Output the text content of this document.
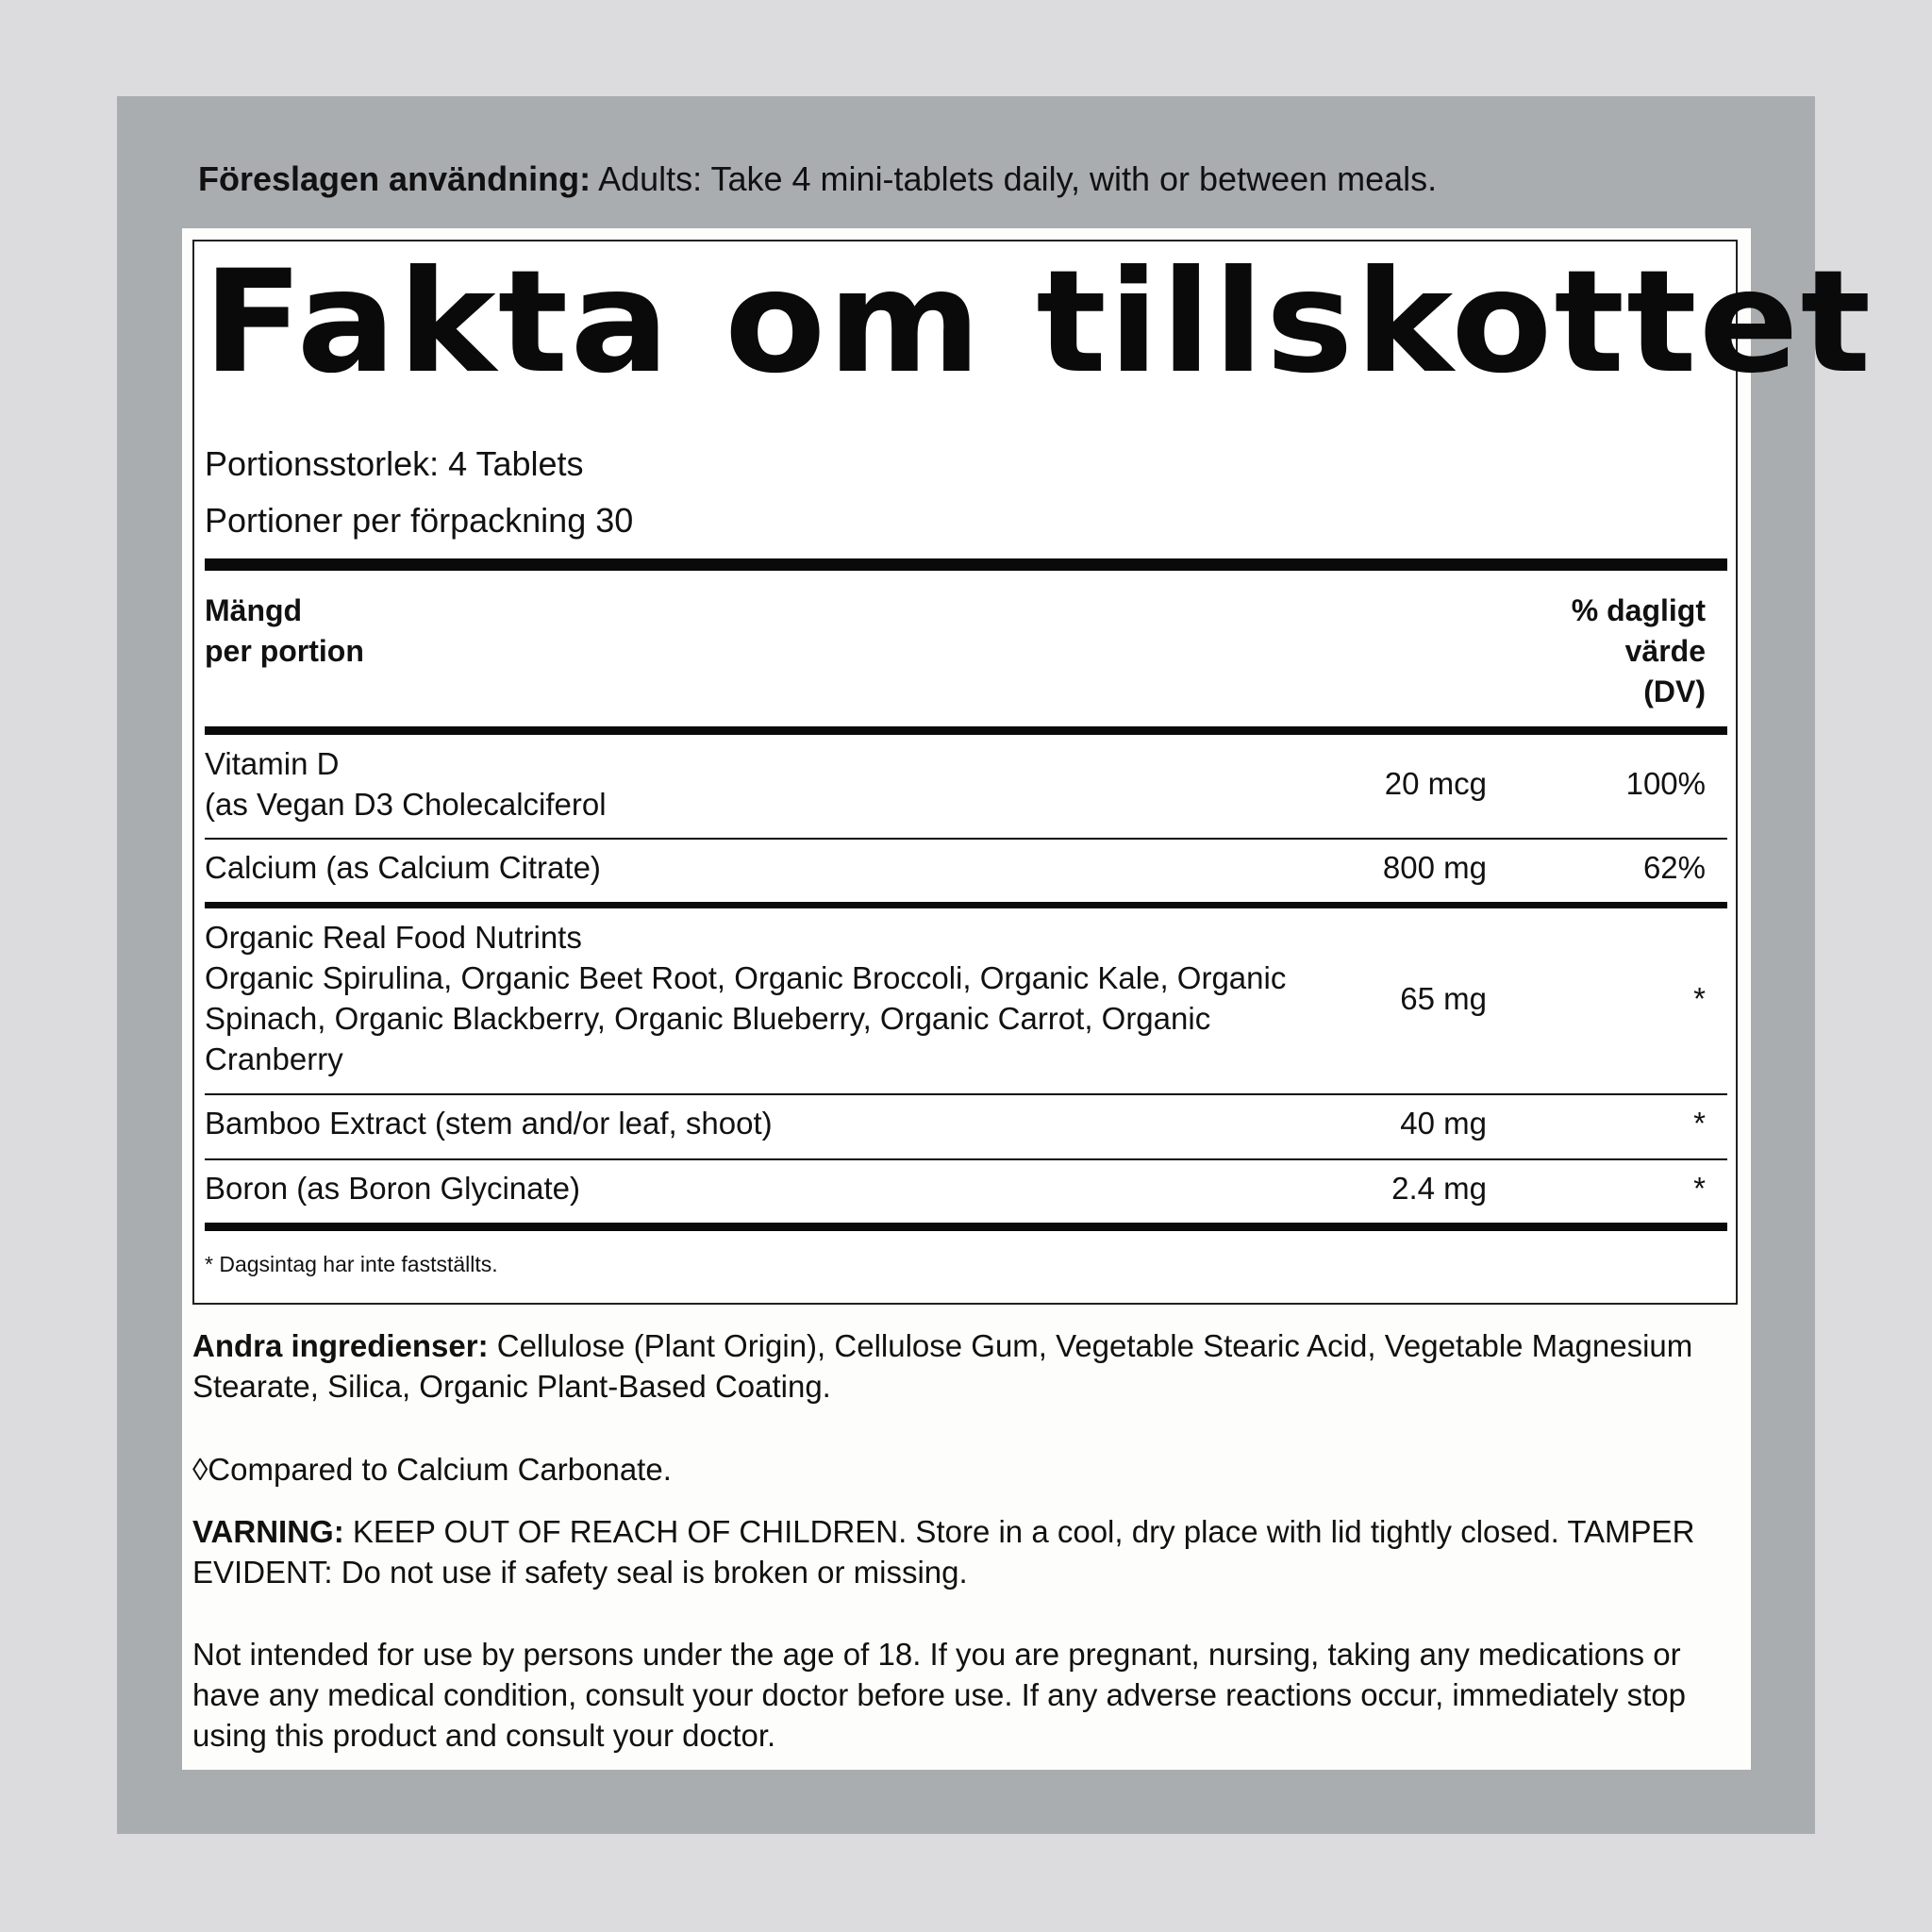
Föreslagen användning: Adults: Take 4 mini-tablets daily, with or between meals.
Fakta om tillskottet
Portionsstorlek: 4 Tablets
Portioner per förpackning 30
Mängd
per portion
% dagligt
värde
(DV)
Vitamin D
(as Vegan D3 Cholecalciferol
20 mcg	100%
Calcium (as Calcium Citrate)	800 mg	62%
Organic Real Food Nutrints
Organic Spirulina, Organic Beet Root, Organic Broccoli, Organic Kale, Organic
Spinach, Organic Blackberry, Organic Blueberry, Organic Carrot, Organic
Cranberry
65 mg	*
Bamboo Extract (stem and/or leaf, shoot)	40 mg	*
Boron (as Boron Glycinate)	2.4 mg	*
* Dagsintag har inte fastställts.
Andra ingredienser: Cellulose (Plant Origin), Cellulose Gum, Vegetable Stearic Acid, Vegetable Magnesium Stearate, Silica, Organic Plant-Based Coating.
◊Compared to Calcium Carbonate.
VARNING: KEEP OUT OF REACH OF CHILDREN. Store in a cool, dry place with lid tightly closed. TAMPER EVIDENT: Do not use if safety seal is broken or missing.
Not intended for use by persons under the age of 18. If you are pregnant, nursing, taking any medications or have any medical condition, consult your doctor before use. If any adverse reactions occur, immediately stop using this product and consult your doctor.
